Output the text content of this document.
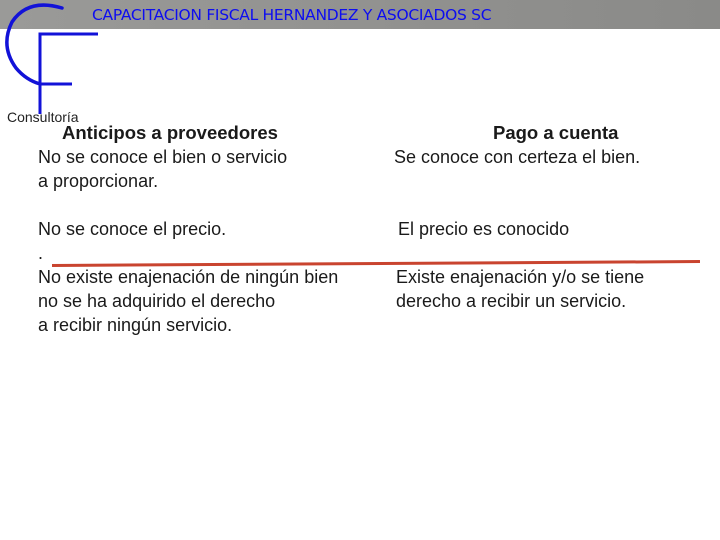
CAPACITACION FISCAL HERNANDEZ Y ASOCIADOS SC
Consultoría
Anticipos a proveedores
No se conoce el bien o servicio
a proporcionar.
No se conoce el precio.
.
No existe enajenación de ningún bien
no se ha adquirido el derecho
a recibir ningún servicio.
Pago a cuenta
Se conoce con certeza el bien.
El precio es conocido
Existe enajenación y/o se tiene
derecho a recibir un servicio.
